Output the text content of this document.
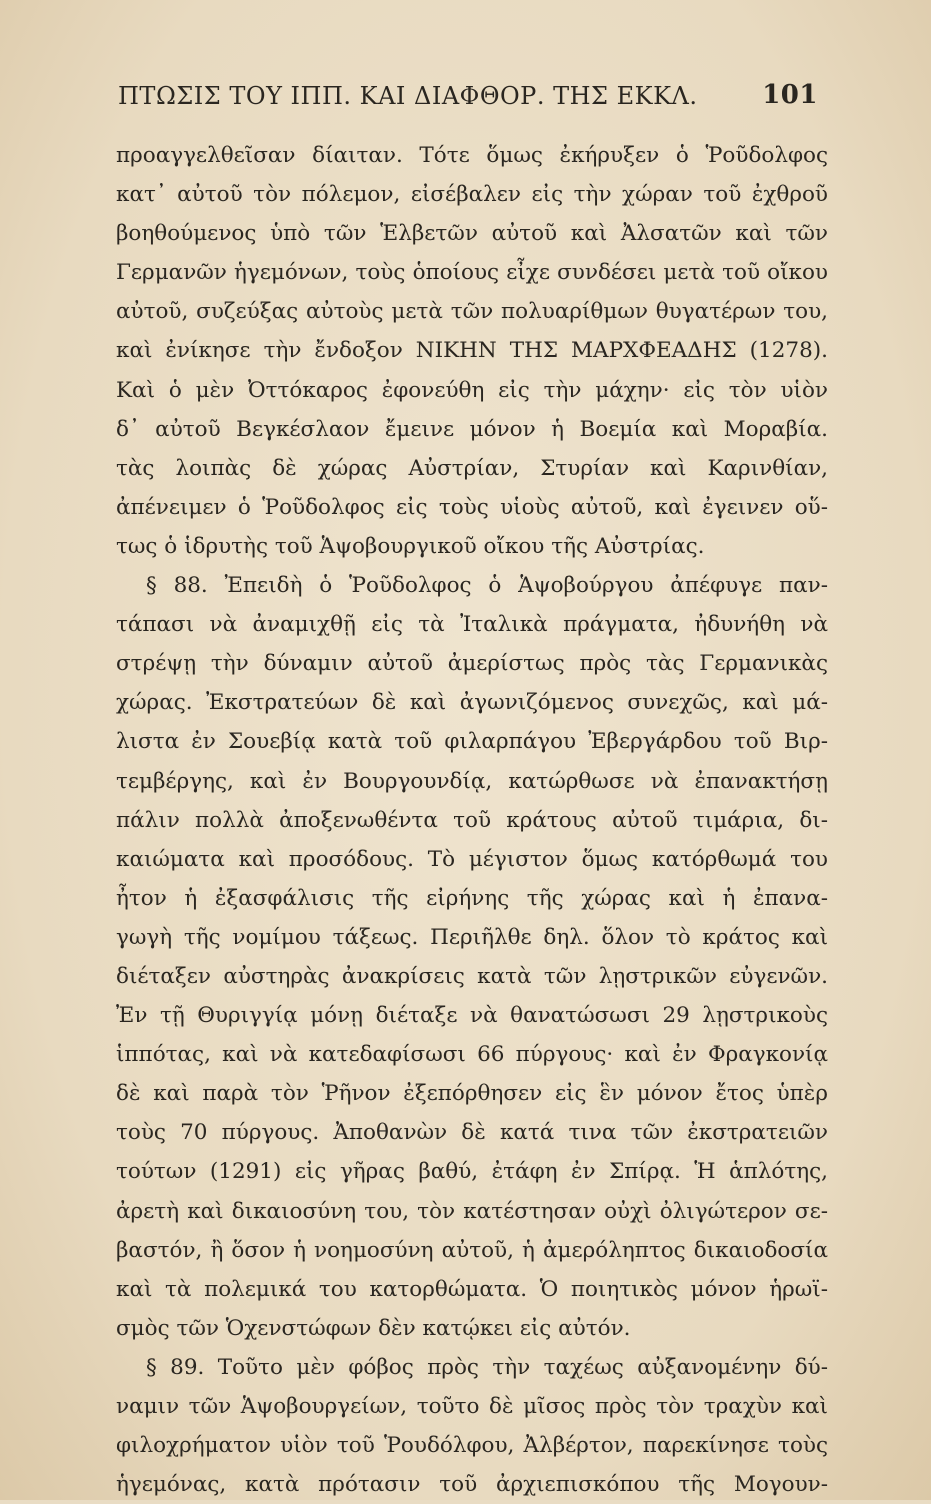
ΠΤΩΣΙΣ ΤΟΥ ΙΠΠ. ΚΑΙ ΔΙΑΦΘΟΡ. ΤΗΣ ΕΚΚΛ. 101
προαγγελθεῖσαν δίαιταν. Τότε ὅμως ἐκήρυξεν ὁ Ῥοῦδολφος
κατ᾽ αὐτοῦ τὸν πόλεμον, εἰσέβαλεν εἰς τὴν χώραν τοῦ ἐχθροῦ
βοηθούμενος ὑπὸ τῶν Ἑλβετῶν αὐτοῦ καὶ Ἀλσατῶν καὶ τῶν
Γερμανῶν ἡγεμόνων, τοὺς ὁποίους εἶχε συνδέσει μετὰ τοῦ οἴκου
αὐτοῦ, συζεύξας αὐτοὺς μετὰ τῶν πολυαρίθμων θυγατέρων του,
καὶ ἐνίκησε τὴν ἔνδοξον ΝΙΚΗΝ ΤΗΣ ΜΑΡΧΦΕΑΔΗΣ (1278).
Καὶ ὁ μὲν Ὀττόκαρος ἐφονεύθη εἰς τὴν μάχην· εἰς τὸν υἱὸν
δ᾽ αὐτοῦ Βεγκέσλαον ἔμεινε μόνον ἡ Βοεμία καὶ Μοραβία.
τὰς λοιπὰς δὲ χώρας Αὐστρίαν, Στυρίαν καὶ Καρινθίαν,
ἀπένειμεν ὁ Ῥοῦδολφος εἰς τοὺς υἱοὺς αὐτοῦ, καὶ ἐγεινεν οὕ-
τως ὁ ἱδρυτὴς τοῦ Ἁψοβουργικοῦ οἴκου τῆς Αὐστρίας.
§ 88. Ἐπειδὴ ὁ Ῥοῦδολφος ὁ Ἁψοβούργου ἀπέφυγε παν-
τάπασι νὰ ἀναμιχθῇ εἰς τὰ Ἰταλικὰ πράγματα, ἠδυνήθη νὰ
στρέψῃ τὴν δύναμιν αὐτοῦ ἀμερίστως πρὸς τὰς Γερμανικὰς
χώρας. Ἐκστρατεύων δὲ καὶ ἀγωνιζόμενος συνεχῶς, καὶ μά-
λιστα ἐν Σουεβίᾳ κατὰ τοῦ φιλαρπάγου Ἐβεργάρδου τοῦ Βιρ-
τεμβέργης, καὶ ἐν Βουργουνδίᾳ, κατώρθωσε νὰ ἐπανακτήσῃ
πάλιν πολλὰ ἀποξενωθέντα τοῦ κράτους αὐτοῦ τιμάρια, δι-
καιώματα καὶ προσόδους. Τὸ μέγιστον ὅμως κατόρθωμά του
ἦτον ἡ ἐξασφάλισις τῆς εἰρήνης τῆς χώρας καὶ ἡ ἐπανα-
γωγὴ τῆς νομίμου τάξεως. Περιῆλθε δηλ. ὅλον τὸ κράτος καὶ
διέταξεν αὐστηρὰς ἀνακρίσεις κατὰ τῶν λῃστρικῶν εὐγενῶν.
Ἐν τῇ Θυριγγίᾳ μόνῃ διέταξε νὰ θανατώσωσι 29 λῃστρικοὺς
ἱππότας, καὶ νὰ κατεδαφίσωσι 66 πύργους· καὶ ἐν Φραγκονίᾳ
δὲ καὶ παρὰ τὸν Ῥῆνον ἐξεπόρθησεν εἰς ἓν μόνον ἔτος ὑπὲρ
τοὺς 70 πύργους. Ἀποθανὼν δὲ κατά τινα τῶν ἐκστρατειῶν
τούτων (1291) εἰς γῆρας βαθύ, ἐτάφη ἐν Σπίρᾳ. Ἡ ἁπλότης,
ἀρετὴ καὶ δικαιοσύνη του, τὸν κατέστησαν οὐχὶ ὀλιγώτερον σε-
βαστόν, ἢ ὅσον ἡ νοημοσύνη αὐτοῦ, ἡ ἀμερόληπτος δικαιοδοσία
καὶ τὰ πολεμικά του κατορθώματα. Ὁ ποιητικὸς μόνον ἡρωϊ-
σμὸς τῶν Ὁχενστώφων δὲν κατῴκει εἰς αὐτόν.
§ 89. Τοῦτο μὲν φόβος πρὸς τὴν ταχέως αὐξανομένην δύ-
ναμιν τῶν Ἁψοβουργείων, τοῦτο δὲ μῖσος πρὸς τὸν τραχὺν καὶ
φιλοχρήματον υἱὸν τοῦ Ῥουδόλφου, Ἀλβέρτον, παρεκίνησε τοὺς
ἡγεμόνας, κατὰ πρότασιν τοῦ ἀρχιεπισκόπου τῆς Μογουν-
